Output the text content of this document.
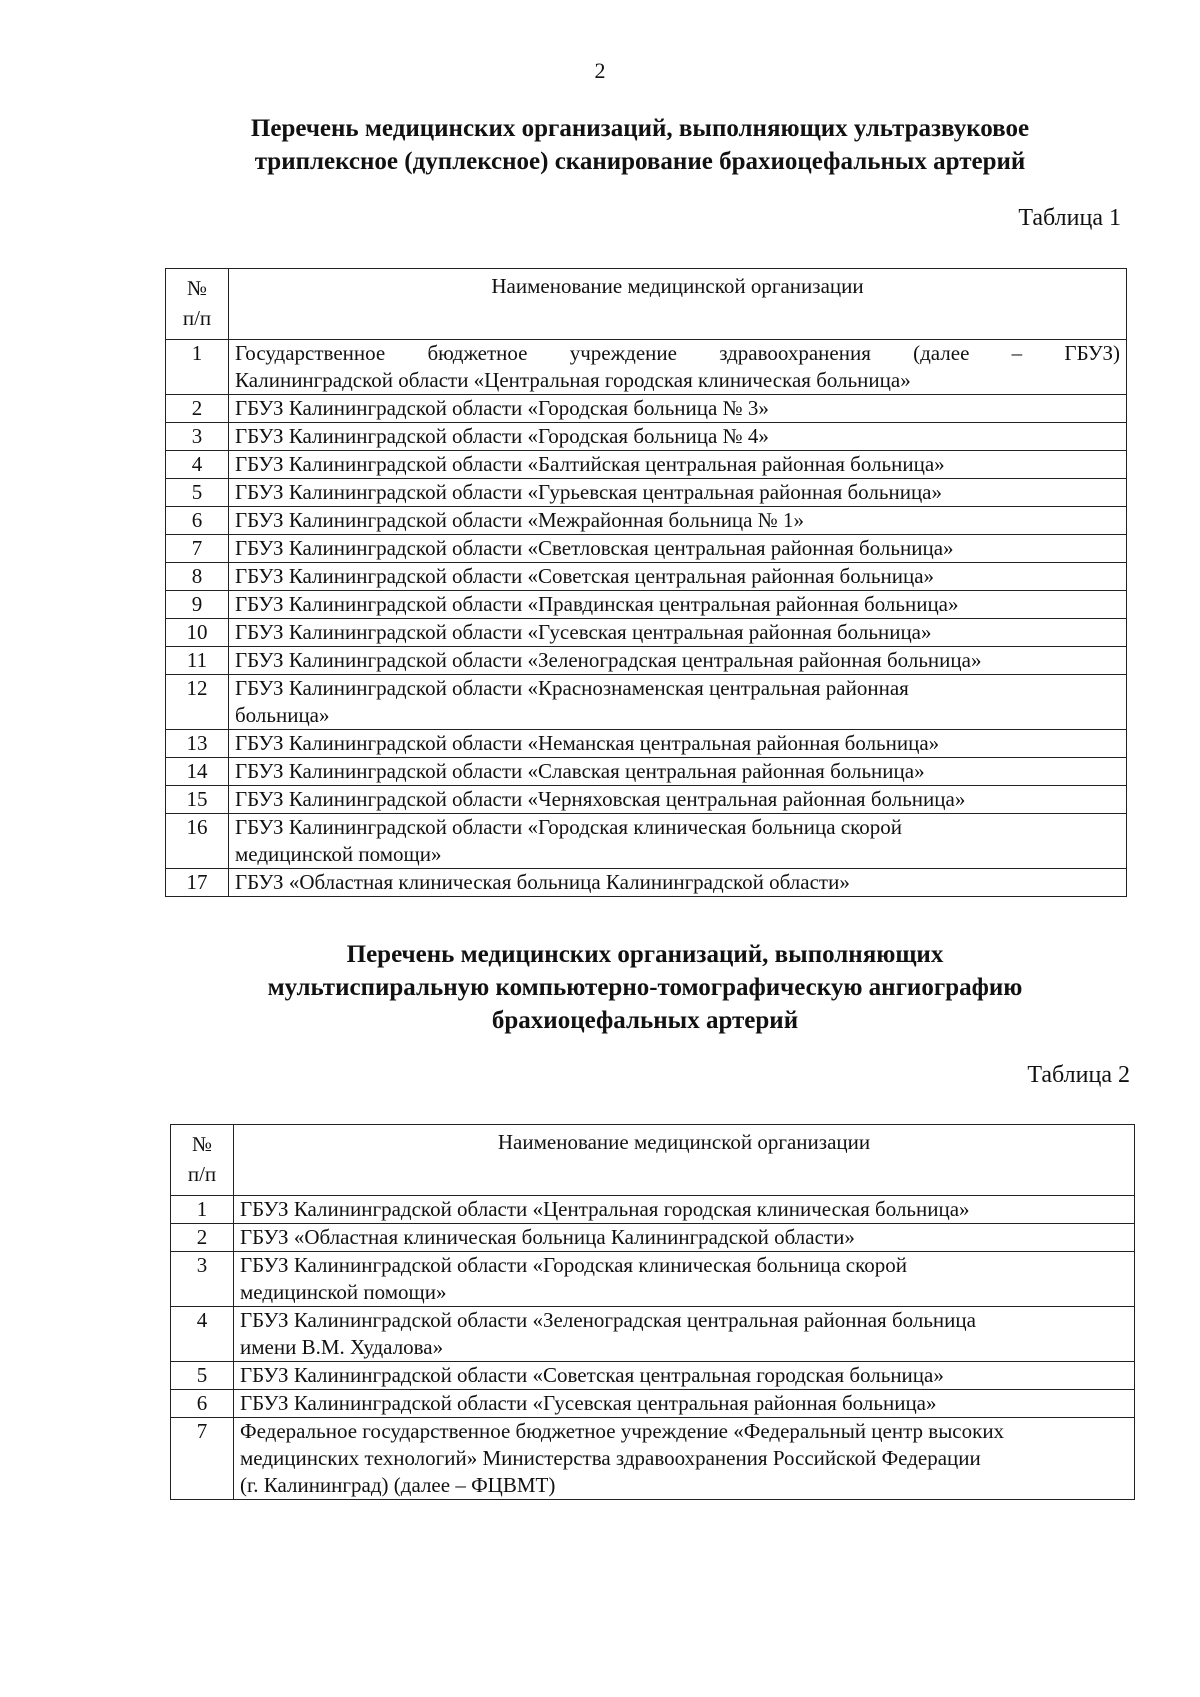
2
Перечень медицинских организаций, выполняющих ультразвуковое
триплексное (дуплексное) сканирование брахиоцефальных артерий
Таблица 1
№
п/п	Наименование медицинской организации
1	Государственное бюджетное учреждение здравоохранения (далее – ГБУЗ)
Калининградской области «Центральная городская клиническая больница»

2	ГБУЗ Калининградской области «Городская больница № 3»
3	ГБУЗ Калининградской области «Городская больница № 4»
4	ГБУЗ Калининградской области «Балтийская центральная районная больница»
5	ГБУЗ Калининградской области «Гурьевская центральная районная больница»
6	ГБУЗ Калининградской области «Межрайонная больница № 1»
7	ГБУЗ Калининградской области «Светловская центральная районная больница»
8	ГБУЗ Калининградской области «Советская центральная районная больница»
9	ГБУЗ Калининградской области «Правдинская центральная районная больница»
10	ГБУЗ Калининградской области «Гусевская центральная районная больница»
11	ГБУЗ Калининградской области «Зеленоградская центральная районная больница»
12	ГБУЗ Калининградской области «Краснознаменская центральная районная
больница»

13	ГБУЗ Калининградской области «Неманская центральная районная больница»
14	ГБУЗ Калининградской области «Славская центральная районная больница»
15	ГБУЗ Калининградской области «Черняховская центральная районная больница»
16	ГБУЗ Калининградской области «Городская клиническая больница скорой
медицинской помощи»

17	ГБУЗ «Областная клиническая больница Калининградской области»
Перечень медицинских организаций, выполняющих
мультиспиральную компьютерно-томографическую ангиографию
брахиоцефальных артерий
Таблица 2
№
п/п	Наименование медицинской организации
1	ГБУЗ Калининградской области «Центральная городская клиническая больница»
2	ГБУЗ «Областная клиническая больница Калининградской области»
3	ГБУЗ Калининградской области «Городская клиническая больница скорой
медицинской помощи»

4	ГБУЗ Калининградской области «Зеленоградская центральная районная больница
имени В.М. Худалова»

5	ГБУЗ Калининградской области «Советская центральная городская больница»
6	ГБУЗ Калининградской области «Гусевская центральная районная больница»
7	Федеральное государственное бюджетное учреждение «Федеральный центр высоких
медицинских технологий» Министерства здравоохранения Российской Федерации
(г. Калининград) (далее – ФЦВМТ)
